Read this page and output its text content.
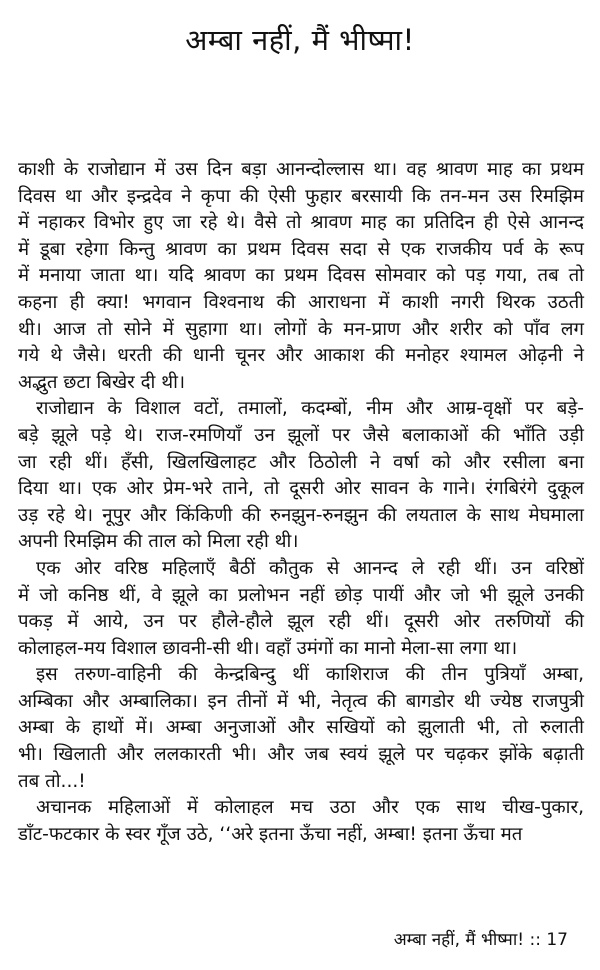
अम्बा नहीं, मैं भीष्मा!
काशी के राजोद्यान में उस दिन बड़ा आनन्दोल्लास था। वह श्रावण माह का प्रथम
दिवस था और इन्द्रदेव ने कृपा की ऐसी फुहार बरसायी कि तन-मन उस रिमझिम
में नहाकर विभोर हुए जा रहे थे। वैसे तो श्रावण माह का प्रतिदिन ही ऐसे आनन्द
में डूबा रहेगा किन्तु श्रावण का प्रथम दिवस सदा से एक राजकीय पर्व के रूप
में मनाया जाता था। यदि श्रावण का प्रथम दिवस सोमवार को पड़ गया, तब तो
कहना ही क्या! भगवान विश्वनाथ की आराधना में काशी नगरी थिरक उठती
थी। आज तो सोने में सुहागा था। लोगों के मन-प्राण और शरीर को पाँव लग
गये थे जैसे। धरती की धानी चूनर और आकाश की मनोहर श्यामल ओढ़नी ने
अद्भुत छटा बिखेर दी थी।
राजोद्यान के विशाल वटों, तमालों, कदम्बों, नीम और आम्र-वृक्षों पर बड़े-
बड़े झूले पड़े थे। राज-रमणियाँ उन झूलों पर जैसे बलाकाओं की भाँति उड़ी
जा रही थीं। हँसी, खिलखिलाहट और ठिठोली ने वर्षा को और रसीला बना
दिया था। एक ओर प्रेम-भरे ताने, तो दूसरी ओर सावन के गाने। रंगबिरंगे दुकूल
उड़ रहे थे। नूपुर और किंकिणी की रुनझुन-रुनझुन की लयताल के साथ मेघमाला
अपनी रिमझिम की ताल को मिला रही थी।
एक ओर वरिष्ठ महिलाएँ बैठीं कौतुक से आनन्द ले रही थीं। उन वरिष्ठों
में जो कनिष्ठ थीं, वे झूले का प्रलोभन नहीं छोड़ पायीं और जो भी झूले उनकी
पकड़ में आये, उन पर हौले-हौले झूल रही थीं। दूसरी ओर तरुणियों की
कोलाहल-मय विशाल छावनी-सी थी। वहाँ उमंगों का मानो मेला-सा लगा था।
इस तरुण-वाहिनी की केन्द्रबिन्दु थीं काशिराज की तीन पुत्रियाँ अम्बा,
अम्बिका और अम्बालिका। इन तीनों में भी, नेतृत्व की बागडोर थी ज्येष्ठ राजपुत्री
अम्बा के हाथों में। अम्बा अनुजाओं और सखियों को झुलाती भी, तो रुलाती
भी। खिलाती और ललकारती भी। और जब स्वयं झूले पर चढ़कर झोंके बढ़ाती
तब तो...!
अचानक महिलाओं में कोलाहल मच उठा और एक साथ चीख-पुकार,
डाँट-फटकार के स्वर गूँज उठे, ‘‘अरे इतना ऊँचा नहीं, अम्बा! इतना ऊँचा मत
अम्बा नहीं, मैं भीष्मा! :: 17
